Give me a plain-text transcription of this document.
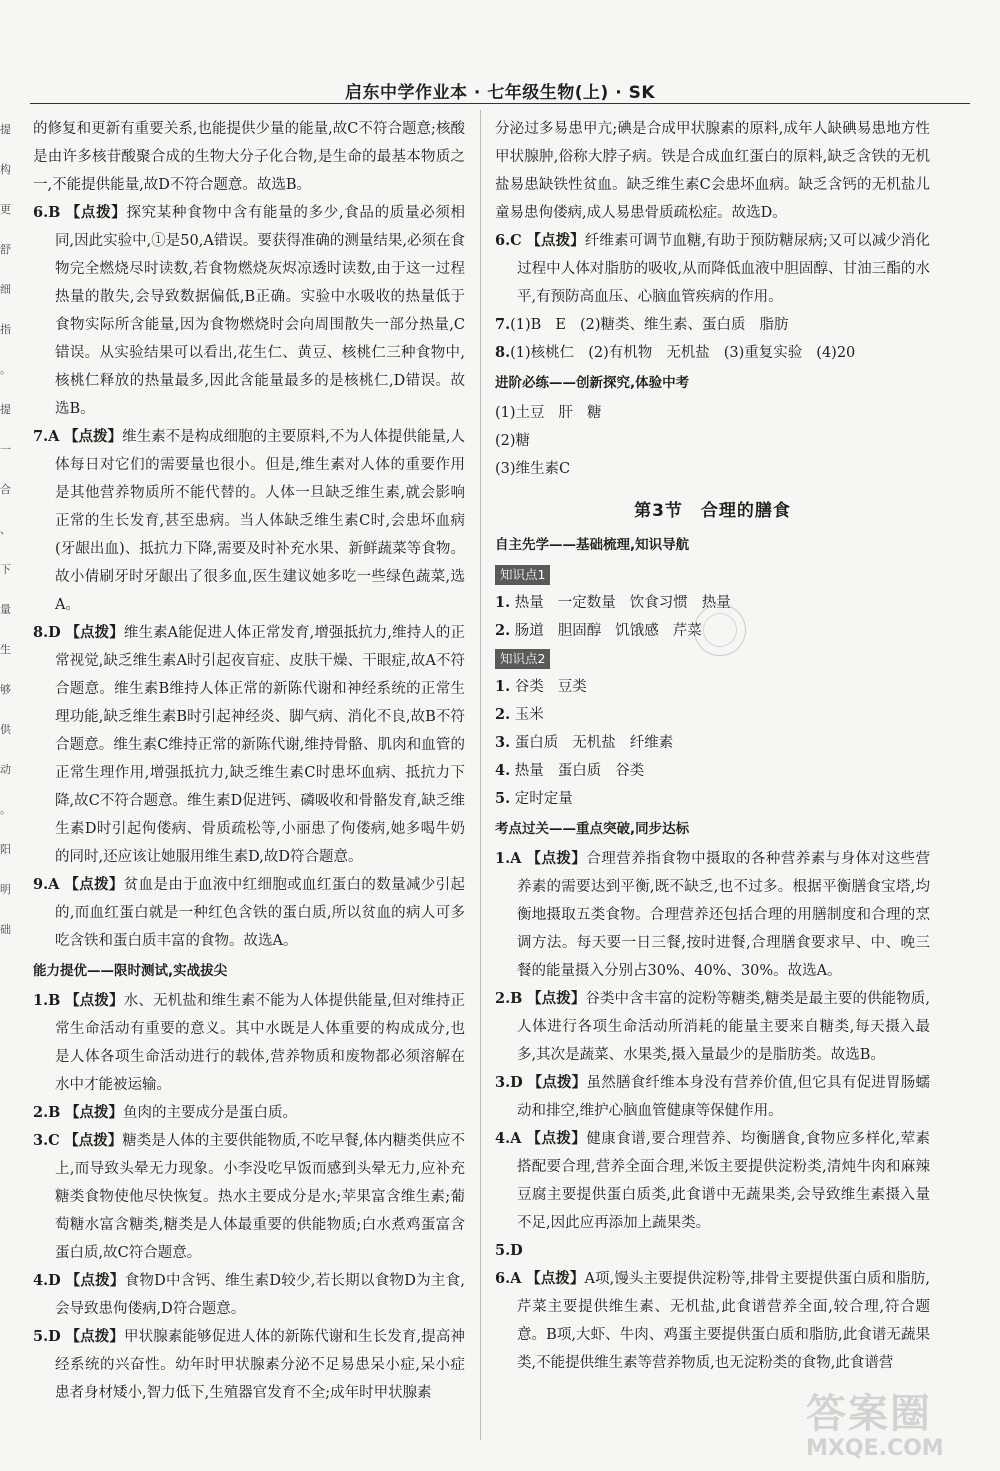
启东中学作业本 · 七年级生物(上) · SK
提
构
更
舒
细
指
。
提
一
合
、
下
量
生
够
供
动
。
阳
明
础

的修复和更新有重要关系,也能提供少量的能量,故C不符合题意;核酸是由许多核苷酸聚合成的生物大分子化合物,是生命的最基本物质之一,不能提供能量,故D不符合题意。故选B。

6.B 【点拨】探究某种食物中含有能量的多少,食品的质量必须相同,因此实验中,①是50,A错误。要获得准确的测量结果,必须在食物完全燃烧尽时读数,若食物燃烧灰烬凉透时读数,由于这一过程热量的散失,会导致数据偏低,B正确。实验中水吸收的热量低于食物实际所含能量,因为食物燃烧时会向周围散失一部分热量,C错误。从实验结果可以看出,花生仁、黄豆、核桃仁三种食物中,核桃仁释放的热量最多,因此含能量最多的是核桃仁,D错误。故选B。

7.A 【点拨】维生素不是构成细胞的主要原料,不为人体提供能量,人体每日对它们的需要量也很小。但是,维生素对人体的重要作用是其他营养物质所不能代替的。人体一旦缺乏维生素,就会影响正常的生长发育,甚至患病。当人体缺乏维生素C时,会患坏血病(牙龈出血)、抵抗力下降,需要及时补充水果、新鲜蔬菜等食物。故小倩刷牙时牙龈出了很多血,医生建议她多吃一些绿色蔬菜,选A。

8.D 【点拨】维生素A能促进人体正常发育,增强抵抗力,维持人的正常视觉,缺乏维生素A时引起夜盲症、皮肤干燥、干眼症,故A不符合题意。维生素B维持人体正常的新陈代谢和神经系统的正常生理功能,缺乏维生素B时引起神经炎、脚气病、消化不良,故B不符合题意。维生素C维持正常的新陈代谢,维持骨骼、肌肉和血管的正常生理作用,增强抵抗力,缺乏维生素C时患坏血病、抵抗力下降,故C不符合题意。维生素D促进钙、磷吸收和骨骼发育,缺乏维生素D时引起佝偻病、骨质疏松等,小丽患了佝偻病,她多喝牛奶的同时,还应该让她服用维生素D,故D符合题意。

9.A 【点拨】贫血是由于血液中红细胞或血红蛋白的数量减少引起的,而血红蛋白就是一种红色含铁的蛋白质,所以贫血的病人可多吃含铁和蛋白质丰富的食物。故选A。

能力提优——限时测试,实战拔尖

1.B 【点拨】水、无机盐和维生素不能为人体提供能量,但对维持正常生命活动有重要的意义。其中水既是人体重要的构成成分,也是人体各项生命活动进行的载体,营养物质和废物都必须溶解在水中才能被运输。

2.B 【点拨】鱼肉的主要成分是蛋白质。

3.C 【点拨】糖类是人体的主要供能物质,不吃早餐,体内糖类供应不上,而导致头晕无力现象。小李没吃早饭而感到头晕无力,应补充糖类食物使他尽快恢复。热水主要成分是水;苹果富含维生素;葡萄糖水富含糖类,糖类是人体最重要的供能物质;白水煮鸡蛋富含蛋白质,故C符合题意。

4.D 【点拨】食物D中含钙、维生素D较少,若长期以食物D为主食,会导致患佝偻病,D符合题意。

5.D 【点拨】甲状腺素能够促进人体的新陈代谢和生长发育,提高神经系统的兴奋性。幼年时甲状腺素分泌不足易患呆小症,呆小症患者身材矮小,智力低下,生殖器官发育不全;成年时甲状腺素

分泌过多易患甲亢;碘是合成甲状腺素的原料,成年人缺碘易患地方性甲状腺肿,俗称大脖子病。铁是合成血红蛋白的原料,缺乏含铁的无机盐易患缺铁性贫血。缺乏维生素C会患坏血病。缺乏含钙的无机盐儿童易患佝偻病,成人易患骨质疏松症。故选D。

6.C 【点拨】纤维素可调节血糖,有助于预防糖尿病;又可以减少消化过程中人体对脂肪的吸收,从而降低血液中胆固醇、甘油三酯的水平,有预防高血压、心脑血管疾病的作用。

7.(1)B E (2)糖类、维生素、蛋白质 脂肪

8.(1)核桃仁 (2)有机物 无机盐 (3)重复实验 (4)20

进阶必练——创新探究,体验中考

(1)土豆 肝 糖

(2)糖

(3)维生素C

第3节 合理的膳食
自主先学——基础梳理,知识导航
知识点1

1. 热量 一定数量 饮食习惯 热量

2. 肠道 胆固醇 饥饿感 芹菜

知识点2

1. 谷类 豆类

2. 玉米

3. 蛋白质 无机盐 纤维素

4. 热量 蛋白质 谷类

5. 定时定量

考点过关——重点突破,同步达标

1.A 【点拨】合理营养指食物中摄取的各种营养素与身体对这些营养素的需要达到平衡,既不缺乏,也不过多。根据平衡膳食宝塔,均衡地摄取五类食物。合理营养还包括合理的用膳制度和合理的烹调方法。每天要一日三餐,按时进餐,合理膳食要求早、中、晚三餐的能量摄入分别占30%、40%、30%。故选A。

2.B 【点拨】谷类中含丰富的淀粉等糖类,糖类是最主要的供能物质,人体进行各项生命活动所消耗的能量主要来自糖类,每天摄入最多,其次是蔬菜、水果类,摄入量最少的是脂肪类。故选B。

3.D 【点拨】虽然膳食纤维本身没有营养价值,但它具有促进胃肠蠕动和排空,维护心脑血管健康等保健作用。

4.A 【点拨】健康食谱,要合理营养、均衡膳食,食物应多样化,荤素搭配要合理,营养全面合理,米饭主要提供淀粉类,清炖牛肉和麻辣豆腐主要提供蛋白质类,此食谱中无蔬果类,会导致维生素摄入量不足,因此应再添加上蔬果类。

5.D

6.A 【点拨】A项,馒头主要提供淀粉等,排骨主要提供蛋白质和脂肪,芹菜主要提供维生素、无机盐,此食谱营养全面,较合理,符合题意。B项,大虾、牛肉、鸡蛋主要提供蛋白质和脂肪,此食谱无蔬果类,不能提供维生素等营养物质,也无淀粉类的食物,此食谱营

答案圈
MXQE.COM
